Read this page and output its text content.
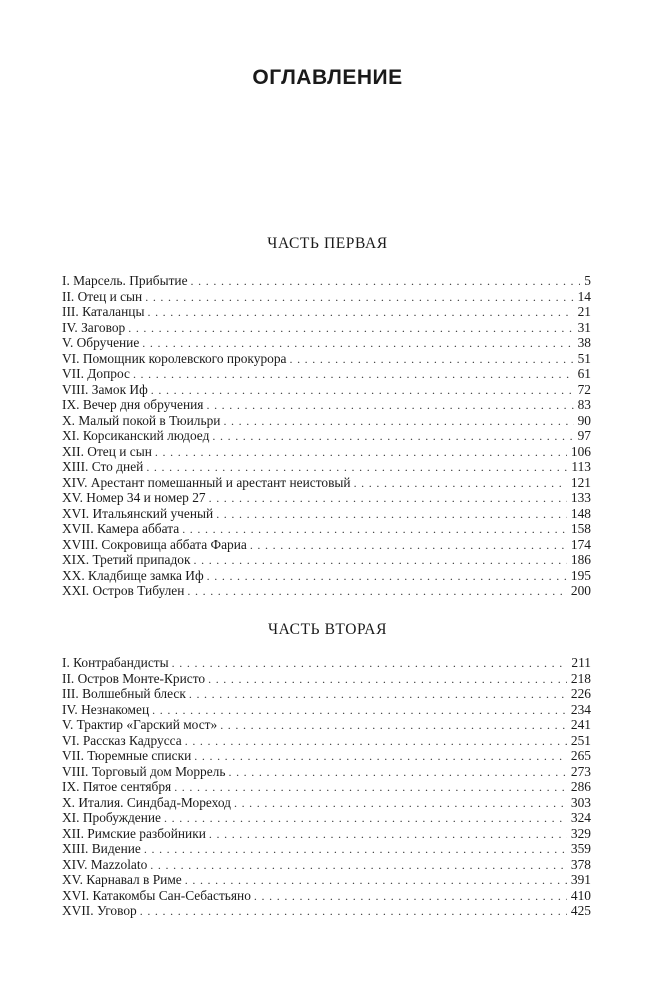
ОГЛАВЛЕНИЕ
ЧАСТЬ ПЕРВАЯ
I. Марсель. Прибытие . . .	5
II. Отец и сын . . .	14
III. Каталанцы . . .	21
IV. Заговор . . .	31
V. Обручение . . .	38
VI. Помощник королевского прокурора . . .	51
VII. Допрос . . .	61
VIII. Замок Иф . . .	72
IX. Вечер дня обручения . . .	83
X. Малый покой в Тюильри . . .	90
XI. Корсиканский людоед . . .	97
XII. Отец и сын . . .	106
XIII. Сто дней . . .	113
XIV. Арестант помешанный и арестант неистовый . . .	121
XV. Номер 34 и номер 27 . . .	133
XVI. Итальянский ученый . . .	148
XVII. Камера аббата . . .	158
XVIII. Сокровища аббата Фариа . . .	174
XIX. Третий припадок . . .	186
XX. Кладбище замка Иф . . .	195
XXI. Остров Тибулен . . .	200
ЧАСТЬ ВТОРАЯ
I. Контрабандисты . . .	211
II. Остров Монте-Кристо . . .	218
III. Волшебный блеск . . .	226
IV. Незнакомец . . .	234
V. Трактир «Гарский мост» . . .	241
VI. Рассказ Кадрусса . . .	251
VII. Тюремные списки . . .	265
VIII. Торговый дом Моррель . . .	273
IX. Пятое сентября . . .	286
X. Италия. Синдбад-Мореход . . .	303
XI. Пробуждение . . .	324
XII. Римские разбойники . . .	329
XIII. Видение . . .	359
XIV. Mazzolato . . .	378
XV. Карнавал в Риме . . .	391
XVI. Катакомбы Сан-Себастьяно . . .	410
XVII. Уговор . . .	425
